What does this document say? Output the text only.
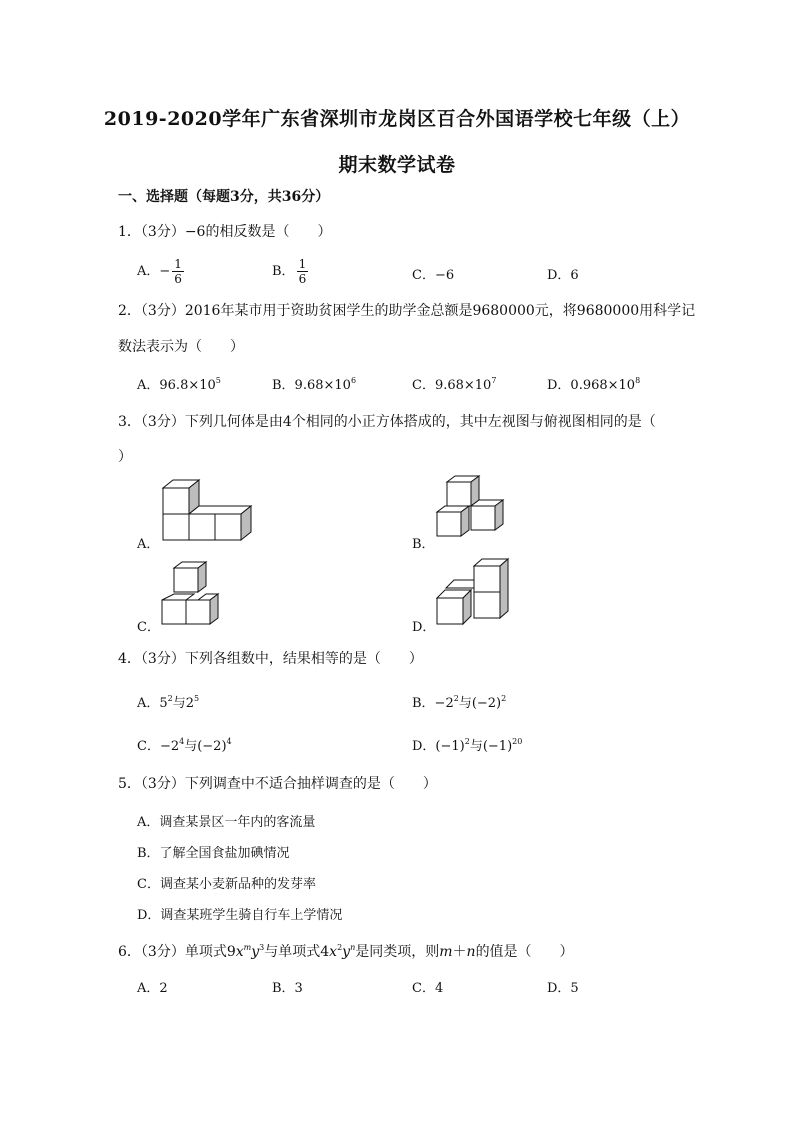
2019-2020学年广东省深圳市龙岗区百合外国语学校七年级（上）
期末数学试卷
一、选择题（每题3分，共36分）
1．（3分）−6的相反数是（　　）
A．− $\frac{1}{6}$	B． $\frac{1}{6}$	C．−6	D．6
2．（3分）2016年某市用于资助贫困学生的助学金总额是9680000元，将9680000用科学记
数法表示为（　　）
A．$96.8\times 10^5$	B．$9.68\times 10^6$	C．$9.68\times 10^7$	D．$0.968\times 10^8$
3．（3分）下列几何体是由4个相同的小正方体搭成的，其中左视图与俯视图相同的是（
）
A．	B．
C．	D．
4．（3分）下列各组数中，结果相等的是（　　）
A．$5^2$与$2^5$	B．$-2^2$与$(-2)^2$
C．$-2^4$与$(-2)^4$	D．$(-1)^2$与$(-1)^{20}$
5．（3分）下列调查中不适合抽样调查的是（　　）
A．调查某景区一年内的客流量
B．了解全国食盐加碘情况
C．调查某小麦新品种的发芽率
D．调查某班学生骑自行车上学情况
6．（3分）单项式$9x^my^3$与单项式$4x^2y^n$是同类项，则m＋n的值是（　　）
A．2	B．3	C．4	D．5
